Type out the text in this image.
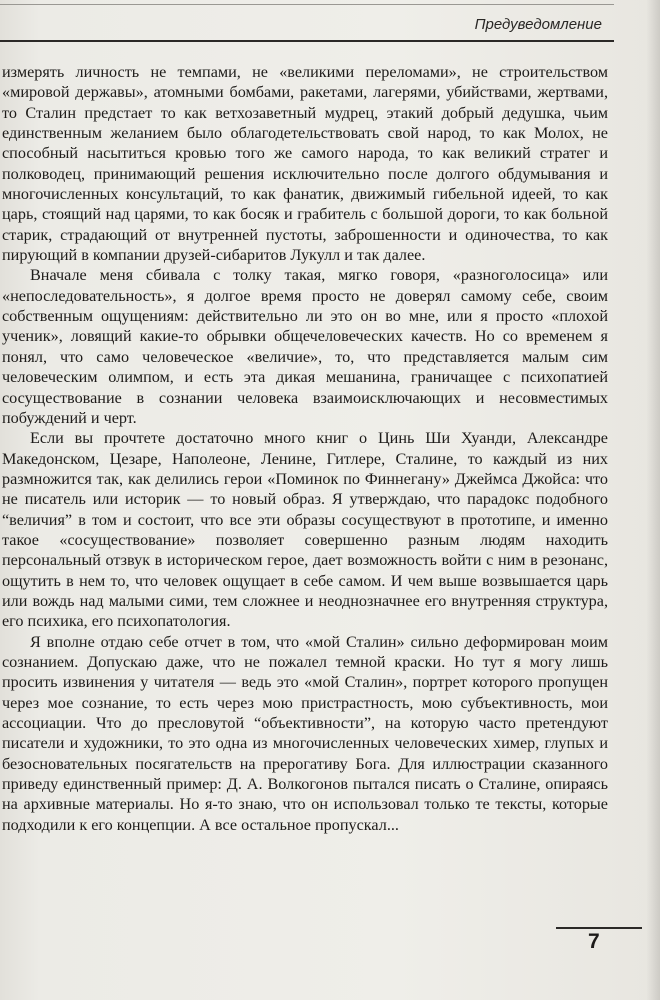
Предуведомление

измерять личность не темпами, не «великими переломами», не строительством «мировой державы», атомными бомбами, ракетами, лагерями, убийствами, жертвами, то Сталин предстает то как ветхозаветный мудрец, этакий добрый дедушка, чьим единственным желанием было облагодетельствовать свой народ, то как Молох, не способный насытиться кровью того же самого народа, то как великий стратег и полководец, принимающий решения исключительно после долгого обдумывания и многочисленных консультаций, то как фанатик, движимый гибельной идеей, то как царь, стоящий над царями, то как босяк и грабитель с большой дороги, то как больной старик, страдающий от внутренней пустоты, заброшенности и одиночества, то как пирующий в компании друзей-сибаритов Лукулл и так далее.

Вначале меня сбивала с толку такая, мягко говоря, «разноголосица» или «непоследовательность», я долгое время просто не доверял самому себе, своим собственным ощущениям: действительно ли это он во мне, или я просто «плохой ученик», ловящий какие-то обрывки общечеловеческих качеств. Но со временем я понял, что само человеческое «величие», то, что представляется малым сим человеческим олимпом, и есть эта дикая мешанина, граничащее с психопатией сосуществование в сознании человека взаимоисключающих и несовместимых побуждений и черт.

Если вы прочтете достаточно много книг о Цинь Ши Хуанди, Александре Македонском, Цезаре, Наполеоне, Ленине, Гитлере, Сталине, то каждый из них размножится так, как делились герои «Поминок по Финнегану» Джеймса Джойса: что не писатель или историк — то новый образ. Я утверждаю, что парадокс подобного “величия” в том и состоит, что все эти образы сосуществуют в прототипе, и именно такое «сосуществование» позволяет совершенно разным людям находить персональный отзвук в историческом герое, дает возможность войти с ним в резонанс, ощутить в нем то, что человек ощущает в себе самом. И чем выше возвышается царь или вождь над малыми сими, тем сложнее и неоднозначнее его внутренняя структура, его психика, его психопатология.

Я вполне отдаю себе отчет в том, что «мой Сталин» сильно деформирован моим сознанием. Допускаю даже, что не пожалел темной краски. Но тут я могу лишь просить извинения у читателя — ведь это «мой Сталин», портрет которого пропущен через мое сознание, то есть через мою пристрастность, мою субъективность, мои ассоциации. Что до пресловутой “объективности”, на которую часто претендуют писатели и художники, то это одна из многочисленных человеческих химер, глупых и безосновательных посягательств на прерогативу Бога. Для иллюстрации сказанного приведу единственный пример: Д. А. Волкогонов пытался писать о Сталине, опираясь на архивные материалы. Но я-то знаю, что он использовал только те тексты, которые подходили к его концепции. А все остальное пропускал...

7
